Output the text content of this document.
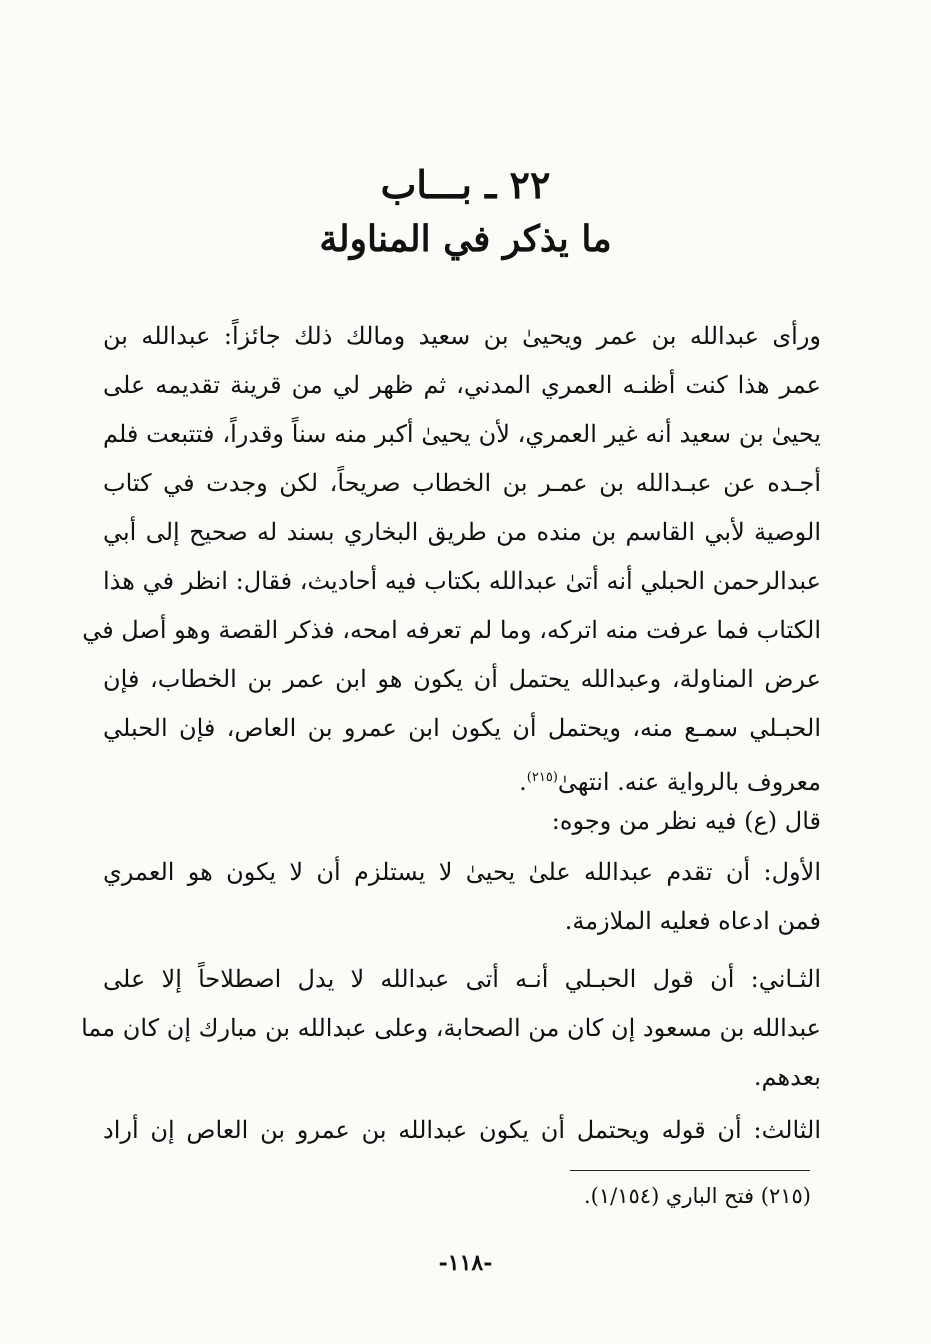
٢٢ ـ بـــاب
ما يذكر في المناولة
ورأى عبدالله بن عمر ويحيىٰ بن سعيد ومالك ذلك جائزاً: عبدالله بن
عمر هذا كنت أظنـه العمري المدني، ثم ظهر لي من قرينة تقديمه على
يحيىٰ بن سعيد أنه غير العمري، لأن يحيىٰ أكبر منه سناً وقدراً، فتتبعت فلم
أجـده عن عبـدالله بن عمـر بن الخطاب صريحاً، لكن وجدت في كتاب
الوصية لأبي القاسم بن منده من طريق البخاري بسند له صحيح إلى أبي
عبدالرحمن الحبلي أنه أتىٰ عبدالله بكتاب فيه أحاديث، فقال: انظر في هذا
الكتاب فما عرفت منه اتركه، وما لم تعرفه امحه، فذكر القصة وهو أصل في
عرض المناولة، وعبدالله يحتمل أن يكون هو ابن عمر بن الخطاب، فإن
الحبـلي سمـع منه، ويحتمل أن يكون ابن عمرو بن العاص، فإن الحبلي
معروف بالرواية عنه. انتهىٰ$^{(٢١٥)}$.
قال (ع) فيه نظر من وجوه:
الأول: أن تقدم عبدالله علىٰ يحيىٰ لا يستلزم أن لا يكون هو العمري
فمن ادعاه فعليه الملازمة.
الثـاني: أن قول الحبـلي أنـه أتى عبدالله لا يدل اصطلاحاً إلا على
عبدالله بن مسعود إن كان من الصحابة، وعلى عبدالله بن مبارك إن كان مما
بعدهم.
الثالث: أن قوله ويحتمل أن يكون عبدالله بن عمرو بن العاص إن أراد
(٢١٥) فتح الباري (١/١٥٤).
-١١٨-
